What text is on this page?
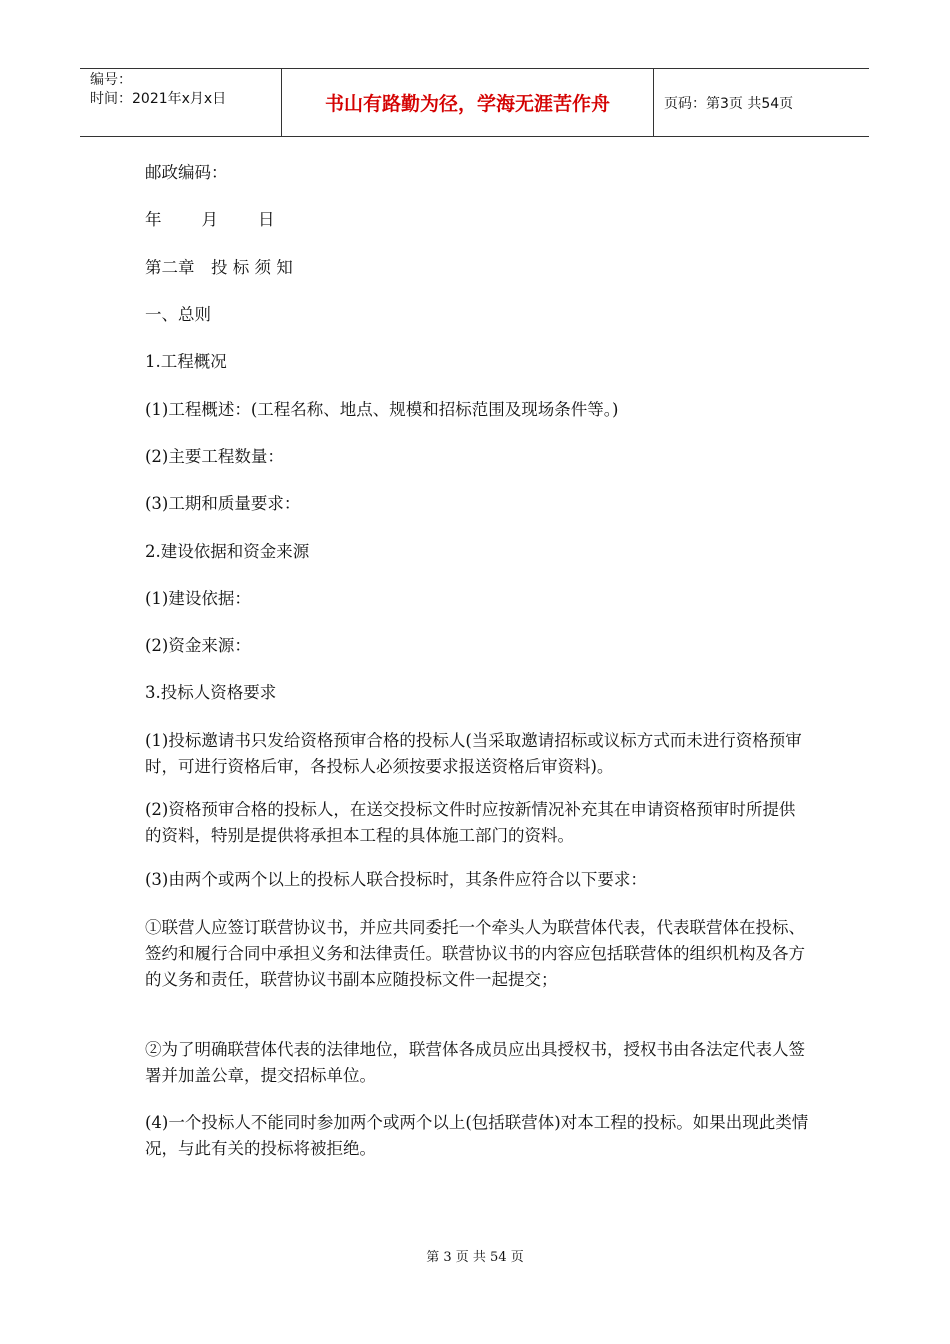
编号：
时间：2021年x月x日	书山有路勤为径，学海无涯苦作舟	页码：第3页 共54页

邮政编码：

年 月 日

第二章　投 标 须 知

一、总则

1.工程概况

(1)工程概述：(工程名称、地点、规模和招标范围及现场条件等。)

(2)主要工程数量：

(3)工期和质量要求：

2.建设依据和资金来源

(1)建设依据：

(2)资金来源：

3.投标人资格要求

(1)投标邀请书只发给资格预审合格的投标人(当采取邀请招标或议标方式而未进行资格预审时，可进行资格后审，各投标人必须按要求报送资格后审资料)。

(2)资格预审合格的投标人，在送交投标文件时应按新情况补充其在申请资格预审时所提供的资料，特别是提供将承担本工程的具体施工部门的资料。

(3)由两个或两个以上的投标人联合投标时，其条件应符合以下要求：

①联营人应签订联营协议书，并应共同委托一个牵头人为联营体代表，代表联营体在投标、签约和履行合同中承担义务和法律责任。联营协议书的内容应包括联营体的组织机构及各方的义务和责任，联营协议书副本应随投标文件一起提交；

②为了明确联营体代表的法律地位，联营体各成员应出具授权书，授权书由各法定代表人签署并加盖公章，提交招标单位。

(4)一个投标人不能同时参加两个或两个以上(包括联营体)对本工程的投标。如果出现此类情况，与此有关的投标将被拒绝。

第 3 页 共 54 页
